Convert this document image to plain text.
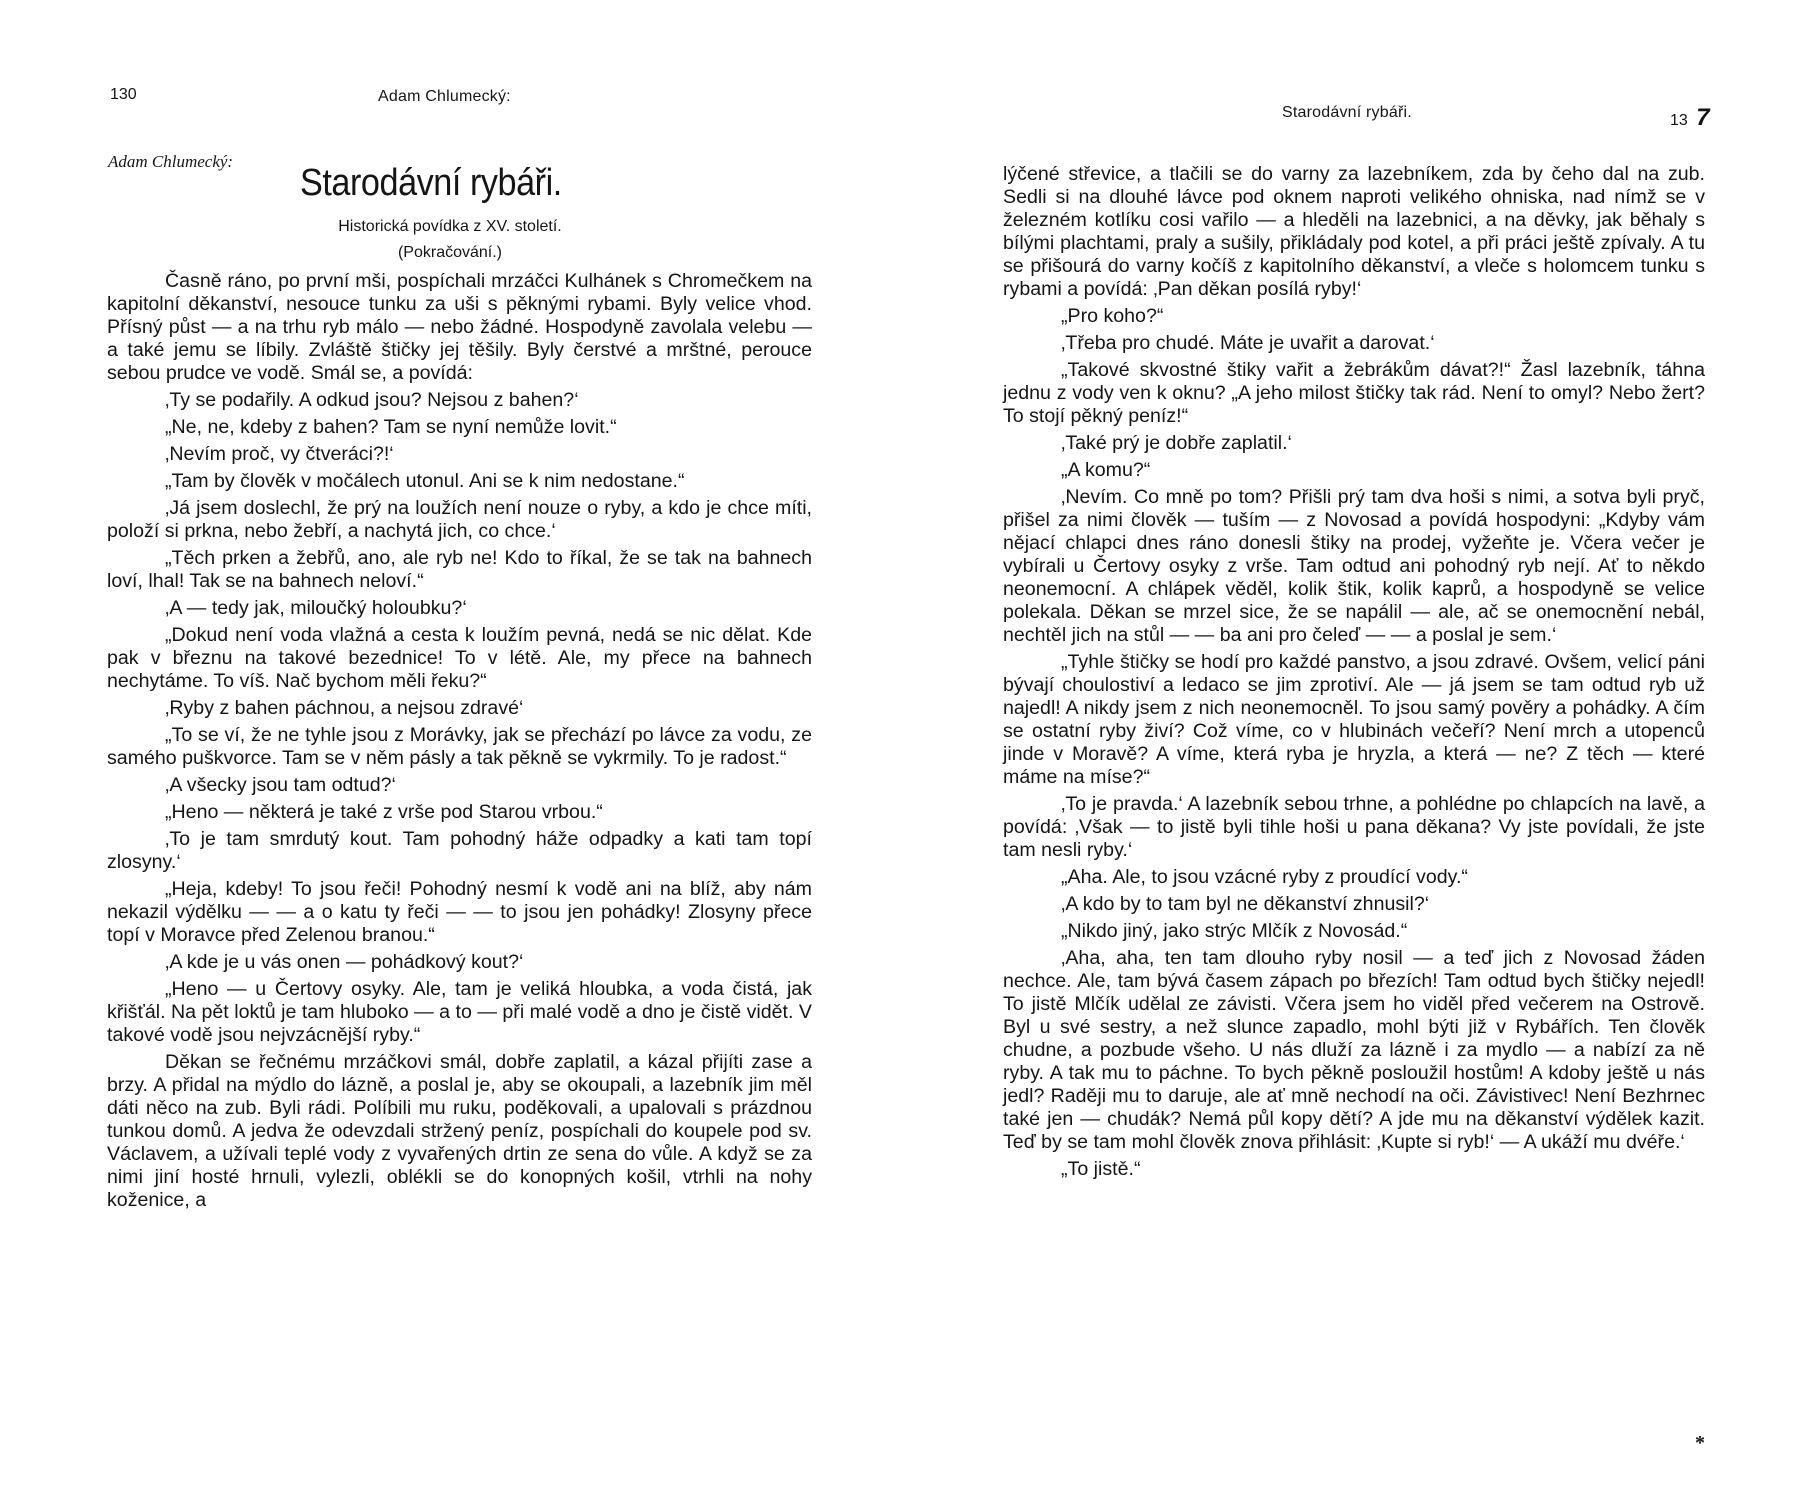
130	Adam Chlumecký:
Adam Chlumecký:
Starodávní rybáři.
Historická povídka z XV. století.
(Pokračování.)

Časně ráno, po první mši, pospíchali mrzáčci Kulhánek s Chromečkem na kapitolní děkanství, nesouce tunku za uši s pěknými rybami. Byly velice vhod. Přísný půst — a na trhu ryb málo — nebo žádné. Hospodyně zavolala velebu — a také jemu se líbily. Zvláště štičky jej těšily. Byly čerstvé a mrštné, perouce sebou prudce ve vodě. Smál se, a povídá:

‚Ty se podařily. A odkud jsou? Nejsou z bahen?‘

„Ne, ne, kdeby z bahen? Tam se nyní nemůže lovit.“

‚Nevím proč, vy čtveráci?!‘

„Tam by člověk v močálech utonul. Ani se k nim nedostane.“

‚Já jsem doslechl, že prý na loužích není nouze o ryby, a kdo je chce míti, položí si prkna, nebo žebří, a nachytá jich, co chce.‘

„Těch prken a žebřů, ano, ale ryb ne! Kdo to říkal, že se tak na bahnech loví, lhal! Tak se na bahnech neloví.“

‚A — tedy jak, miloučký holoubku?‘

„Dokud není voda vlažná a cesta k loužím pevná, nedá se nic dělat. Kde pak v březnu na takové bezednice! To v létě. Ale, my přece na bahnech nechytáme. To víš. Nač bychom měli řeku?“

‚Ryby z bahen páchnou, a nejsou zdravé‘

„To se ví, že ne tyhle jsou z Morávky, jak se přechází po lávce za vodu, ze samého puškvorce. Tam se v něm pásly a tak pěkně se vykrmily. To je radost.“

‚A všecky jsou tam odtud?‘

„Heno — některá je také z vrše pod Starou vrbou.“

‚To je tam smrdutý kout. Tam pohodný háže odpadky a kati tam topí zlosyny.‘

„Heja, kdeby! To jsou řeči! Pohodný nesmí k vodě ani na blíž, aby nám nekazil výdělku — — a o katu ty řeči — — to jsou jen pohádky! Zlosyny přece topí v Moravce před Zelenou branou.“

‚A kde je u vás onen — pohádkový kout?‘

„Heno — u Čertovy osyky. Ale, tam je veliká hloubka, a voda čistá, jak křišťál. Na pět loktů je tam hluboko — a to — při malé vodě a dno je čistě vidět. V takové vodě jsou nejvzácnější ryby.“

Děkan se řečnému mrzáčkovi smál, dobře zaplatil, a kázal přijíti zase a brzy. A přidal na mýdlo do lázně, a poslal je, aby se okoupali, a lazebník jim měl dáti něco na zub. Byli rádi. Políbili mu ruku, poděkovali, a upalovali s prázdnou tunkou domů. A jedva že odevzdali stržený peníz, pospíchali do koupele pod sv. Václavem, a užívali teplé vody z vyvařených drtin ze sena do vůle. A když se za nimi jiní hosté hrnuli, vylezli, oblékli se do konopných košil, vtrhli na nohy koženice, a

Starodávní rybáři.	13 7

lýčené střevice, a tlačili se do varny za lazebníkem, zda by čeho dal na zub. Sedli si na dlouhé lávce pod oknem naproti velikého ohniska, nad nímž se v železném kotlíku cosi vařilo — a hleděli na lazebnici, a na děvky, jak běhaly s bílými plachtami, praly a sušily, přikládaly pod kotel, a při práci ještě zpívaly. A tu se přišourá do varny kočíš z kapitolního děkanství, a vleče s holomcem tunku s rybami a povídá: ‚Pan děkan posílá ryby!‘

„Pro koho?“

‚Třeba pro chudé. Máte je uvařit a darovat.‘

„Takové skvostné štiky vařit a žebrákům dávat?!“ Žasl lazebník, táhna jednu z vody ven k oknu? „A jeho milost štičky tak rád. Není to omyl? Nebo žert? To stojí pěkný peníz!“

‚Také prý je dobře zaplatil.‘

„A komu?“

‚Nevím. Co mně po tom? Přišli prý tam dva hoši s nimi, a sotva byli pryč, přišel za nimi člověk — tuším — z Novosad a povídá hospodyni: „Kdyby vám nějací chlapci dnes ráno donesli štiky na prodej, vyžeňte je. Včera večer je vybírali u Čertovy osyky z vrše. Tam odtud ani pohodný ryb nejí. Ať to někdo neonemocní. A chlápek věděl, kolik štik, kolik kaprů, a hospodyně se velice polekala. Děkan se mrzel sice, že se napálil — ale, ač se onemocnění nebál, nechtěl jich na stůl — — ba ani pro čeleď — — a poslal je sem.‘

„Tyhle štičky se hodí pro každé panstvo, a jsou zdravé. Ovšem, velicí páni bývají choulostiví a ledaco se jim zprotiví. Ale — já jsem se tam odtud ryb už najedl! A nikdy jsem z nich neonemocněl. To jsou samý pověry a pohádky. A čím se ostatní ryby živí? Což víme, co v hlubinách večeří? Není mrch a utopenců jinde v Moravě? A víme, která ryba je hryzla, a která — ne? Z těch — které máme na míse?“

‚To je pravda.‘ A lazebník sebou trhne, a pohlédne po chlapcích na lavě, a povídá: ‚Však — to jistě byli tihle hoši u pana děkana? Vy jste povídali, že jste tam nesli ryby.‘

„Aha. Ale, to jsou vzácné ryby z proudící vody.“

‚A kdo by to tam byl ne děkanství zhnusil?‘

„Nikdo jiný, jako strýc Mlčík z Novosád.“

‚Aha, aha, ten tam dlouho ryby nosil — a teď jich z Novosad žáden nechce. Ale, tam bývá časem zápach po březích! Tam odtud bych štičky nejedl! To jistě Mlčík udělal ze závisti. Včera jsem ho viděl před večerem na Ostrově. Byl u své sestry, a než slunce zapadlo, mohl býti již v Rybářích. Ten člověk chudne, a pozbude všeho. U nás dluží za lázně i za mydlo — a nabízí za ně ryby. A tak mu to páchne. To bych pěkně posloužil hostům! A kdoby ještě u nás jedl? Raději mu to daruje, ale ať mně nechodí na oči. Závistivec! Není Bezhrnec také jen — chudák? Nemá půl kopy dětí? A jde mu na děkanství výdělek kazit. Teď by se tam mohl člověk znova přihlásit: ‚Kupte si ryb!‘ — A ukáží mu dvéře.‘

„To jistě.“

*
